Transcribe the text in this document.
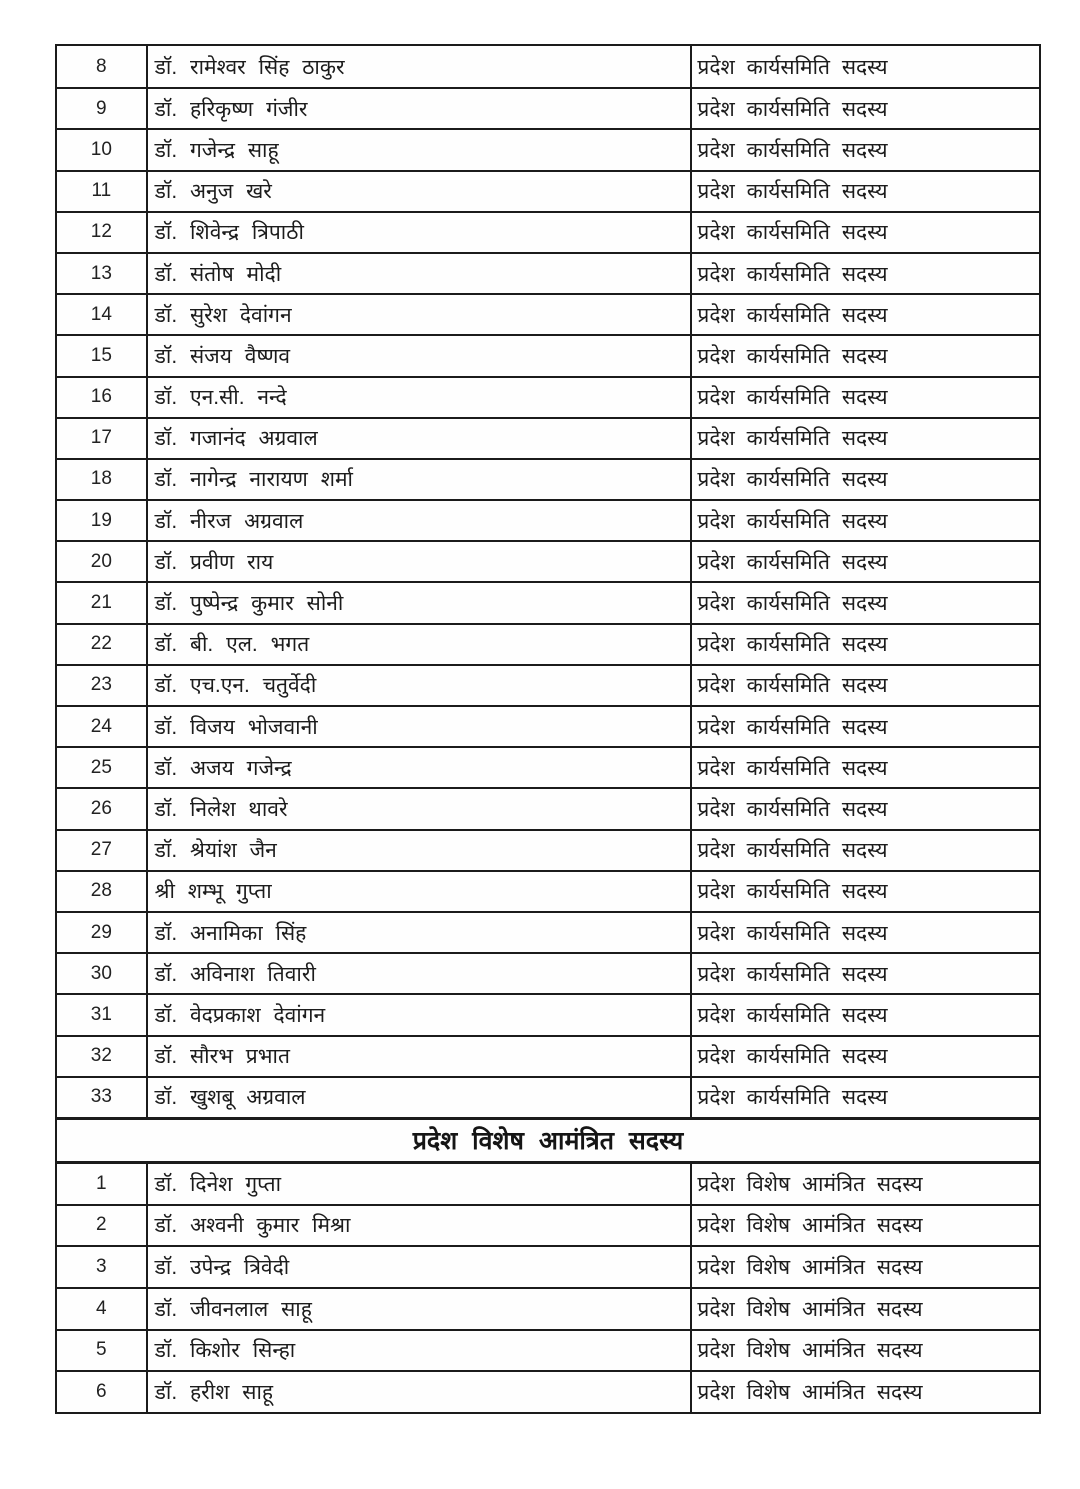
8	डॉ. रामेश्वर सिंह ठाकुर	प्रदेश कार्यसमिति सदस्य
9	डॉ. हरिकृष्ण गंजीर	प्रदेश कार्यसमिति सदस्य
10	डॉ. गजेन्द्र साहू	प्रदेश कार्यसमिति सदस्य
11	डॉ. अनुज खरे	प्रदेश कार्यसमिति सदस्य
12	डॉ. शिवेन्द्र त्रिपाठी	प्रदेश कार्यसमिति सदस्य
13	डॉ. संतोष मोदी	प्रदेश कार्यसमिति सदस्य
14	डॉ. सुरेश देवांगन	प्रदेश कार्यसमिति सदस्य
15	डॉ. संजय वैष्णव	प्रदेश कार्यसमिति सदस्य
16	डॉ. एन.सी. नन्दे	प्रदेश कार्यसमिति सदस्य
17	डॉ. गजानंद अग्रवाल	प्रदेश कार्यसमिति सदस्य
18	डॉ. नागेन्द्र नारायण शर्मा	प्रदेश कार्यसमिति सदस्य
19	डॉ. नीरज अग्रवाल	प्रदेश कार्यसमिति सदस्य
20	डॉ. प्रवीण राय	प्रदेश कार्यसमिति सदस्य
21	डॉ. पुष्पेन्द्र कुमार सोनी	प्रदेश कार्यसमिति सदस्य
22	डॉ. बी. एल. भगत	प्रदेश कार्यसमिति सदस्य
23	डॉ. एच.एन. चतुर्वेदी	प्रदेश कार्यसमिति सदस्य
24	डॉ. विजय भोजवानी	प्रदेश कार्यसमिति सदस्य
25	डॉ. अजय गजेन्द्र	प्रदेश कार्यसमिति सदस्य
26	डॉ. निलेश थावरे	प्रदेश कार्यसमिति सदस्य
27	डॉ. श्रेयांश जैन	प्रदेश कार्यसमिति सदस्य
28	श्री शम्भू गुप्ता	प्रदेश कार्यसमिति सदस्य
29	डॉ. अनामिका सिंह	प्रदेश कार्यसमिति सदस्य
30	डॉ. अविनाश तिवारी	प्रदेश कार्यसमिति सदस्य
31	डॉ. वेदप्रकाश देवांगन	प्रदेश कार्यसमिति सदस्य
32	डॉ. सौरभ प्रभात	प्रदेश कार्यसमिति सदस्य
33	डॉ. खुशबू अग्रवाल	प्रदेश कार्यसमिति सदस्य
प्रदेश विशेष आमंत्रित सदस्य
1	डॉ. दिनेश गुप्ता	प्रदेश विशेष आमंत्रित सदस्य
2	डॉ. अश्वनी कुमार मिश्रा	प्रदेश विशेष आमंत्रित सदस्य
3	डॉ. उपेन्द्र त्रिवेदी	प्रदेश विशेष आमंत्रित सदस्य
4	डॉ. जीवनलाल साहू	प्रदेश विशेष आमंत्रित सदस्य
5	डॉ. किशोर सिन्हा	प्रदेश विशेष आमंत्रित सदस्य
6	डॉ. हरीश साहू	प्रदेश विशेष आमंत्रित सदस्य
